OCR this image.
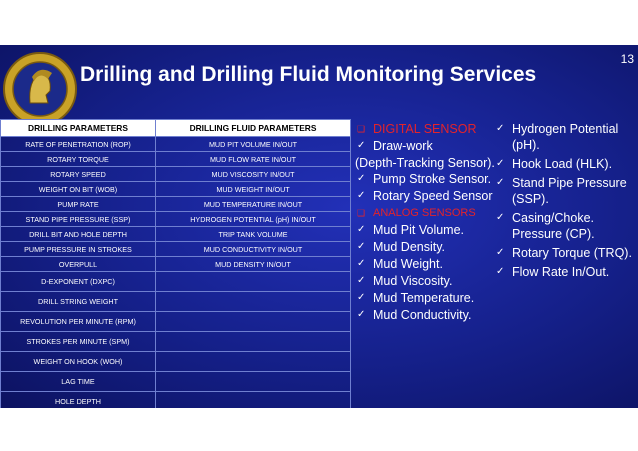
Drilling and Drilling Fluid Monitoring Services
13
DRILLING PARAMETERS	DRILLING FLUID PARAMETERS
RATE OF PENETRATION (ROP)	MUD PIT VOLUME IN/OUT
ROTARY TORQUE	MUD FLOW RATE IN/OUT
ROTARY SPEED	MUD VISCOSITY IN/OUT
WEIGHT ON BIT (WOB)	MUD WEIGHT IN/OUT
PUMP RATE	MUD TEMPERATURE IN/OUT
STAND PIPE PRESSURE (SSP)	HYDROGEN POTENTIAL (pH) IN/OUT
DRILL BIT AND HOLE DEPTH	TRIP TANK VOLUME
PUMP PRESSURE IN STROKES	MUD CONDUCTIVITY IN/OUT
OVERPULL	MUD DENSITY IN/OUT
D-EXPONENT (DXPC)	
DRILL STRING WEIGHT	
REVOLUTION PER MINUTE (RPM)	
STROKES PER MINUTE (SPM)	
WEIGHT ON HOOK (WOH)	
LAG TIME	
HOLE DEPTH	
❑ DIGITAL SENSOR
✓ Draw-work
(Depth-Tracking Sensor).
✓ Pump Stroke Sensor.
✓ Rotary Speed Sensor
❑ ANALOG SENSORS
✓ Mud Pit Volume.
✓ Mud Density.
✓ Mud Weight.
✓ Mud Viscosity.
✓ Mud Temperature.
✓ Mud Conductivity.
✓ Hydrogen Potential (pH).
✓ Hook Load (HLK).
✓ Stand Pipe Pressure (SSP).
✓ Casing/Choke. Pressure (CP).
✓ Rotary Torque (TRQ).
✓ Flow Rate In/Out.
